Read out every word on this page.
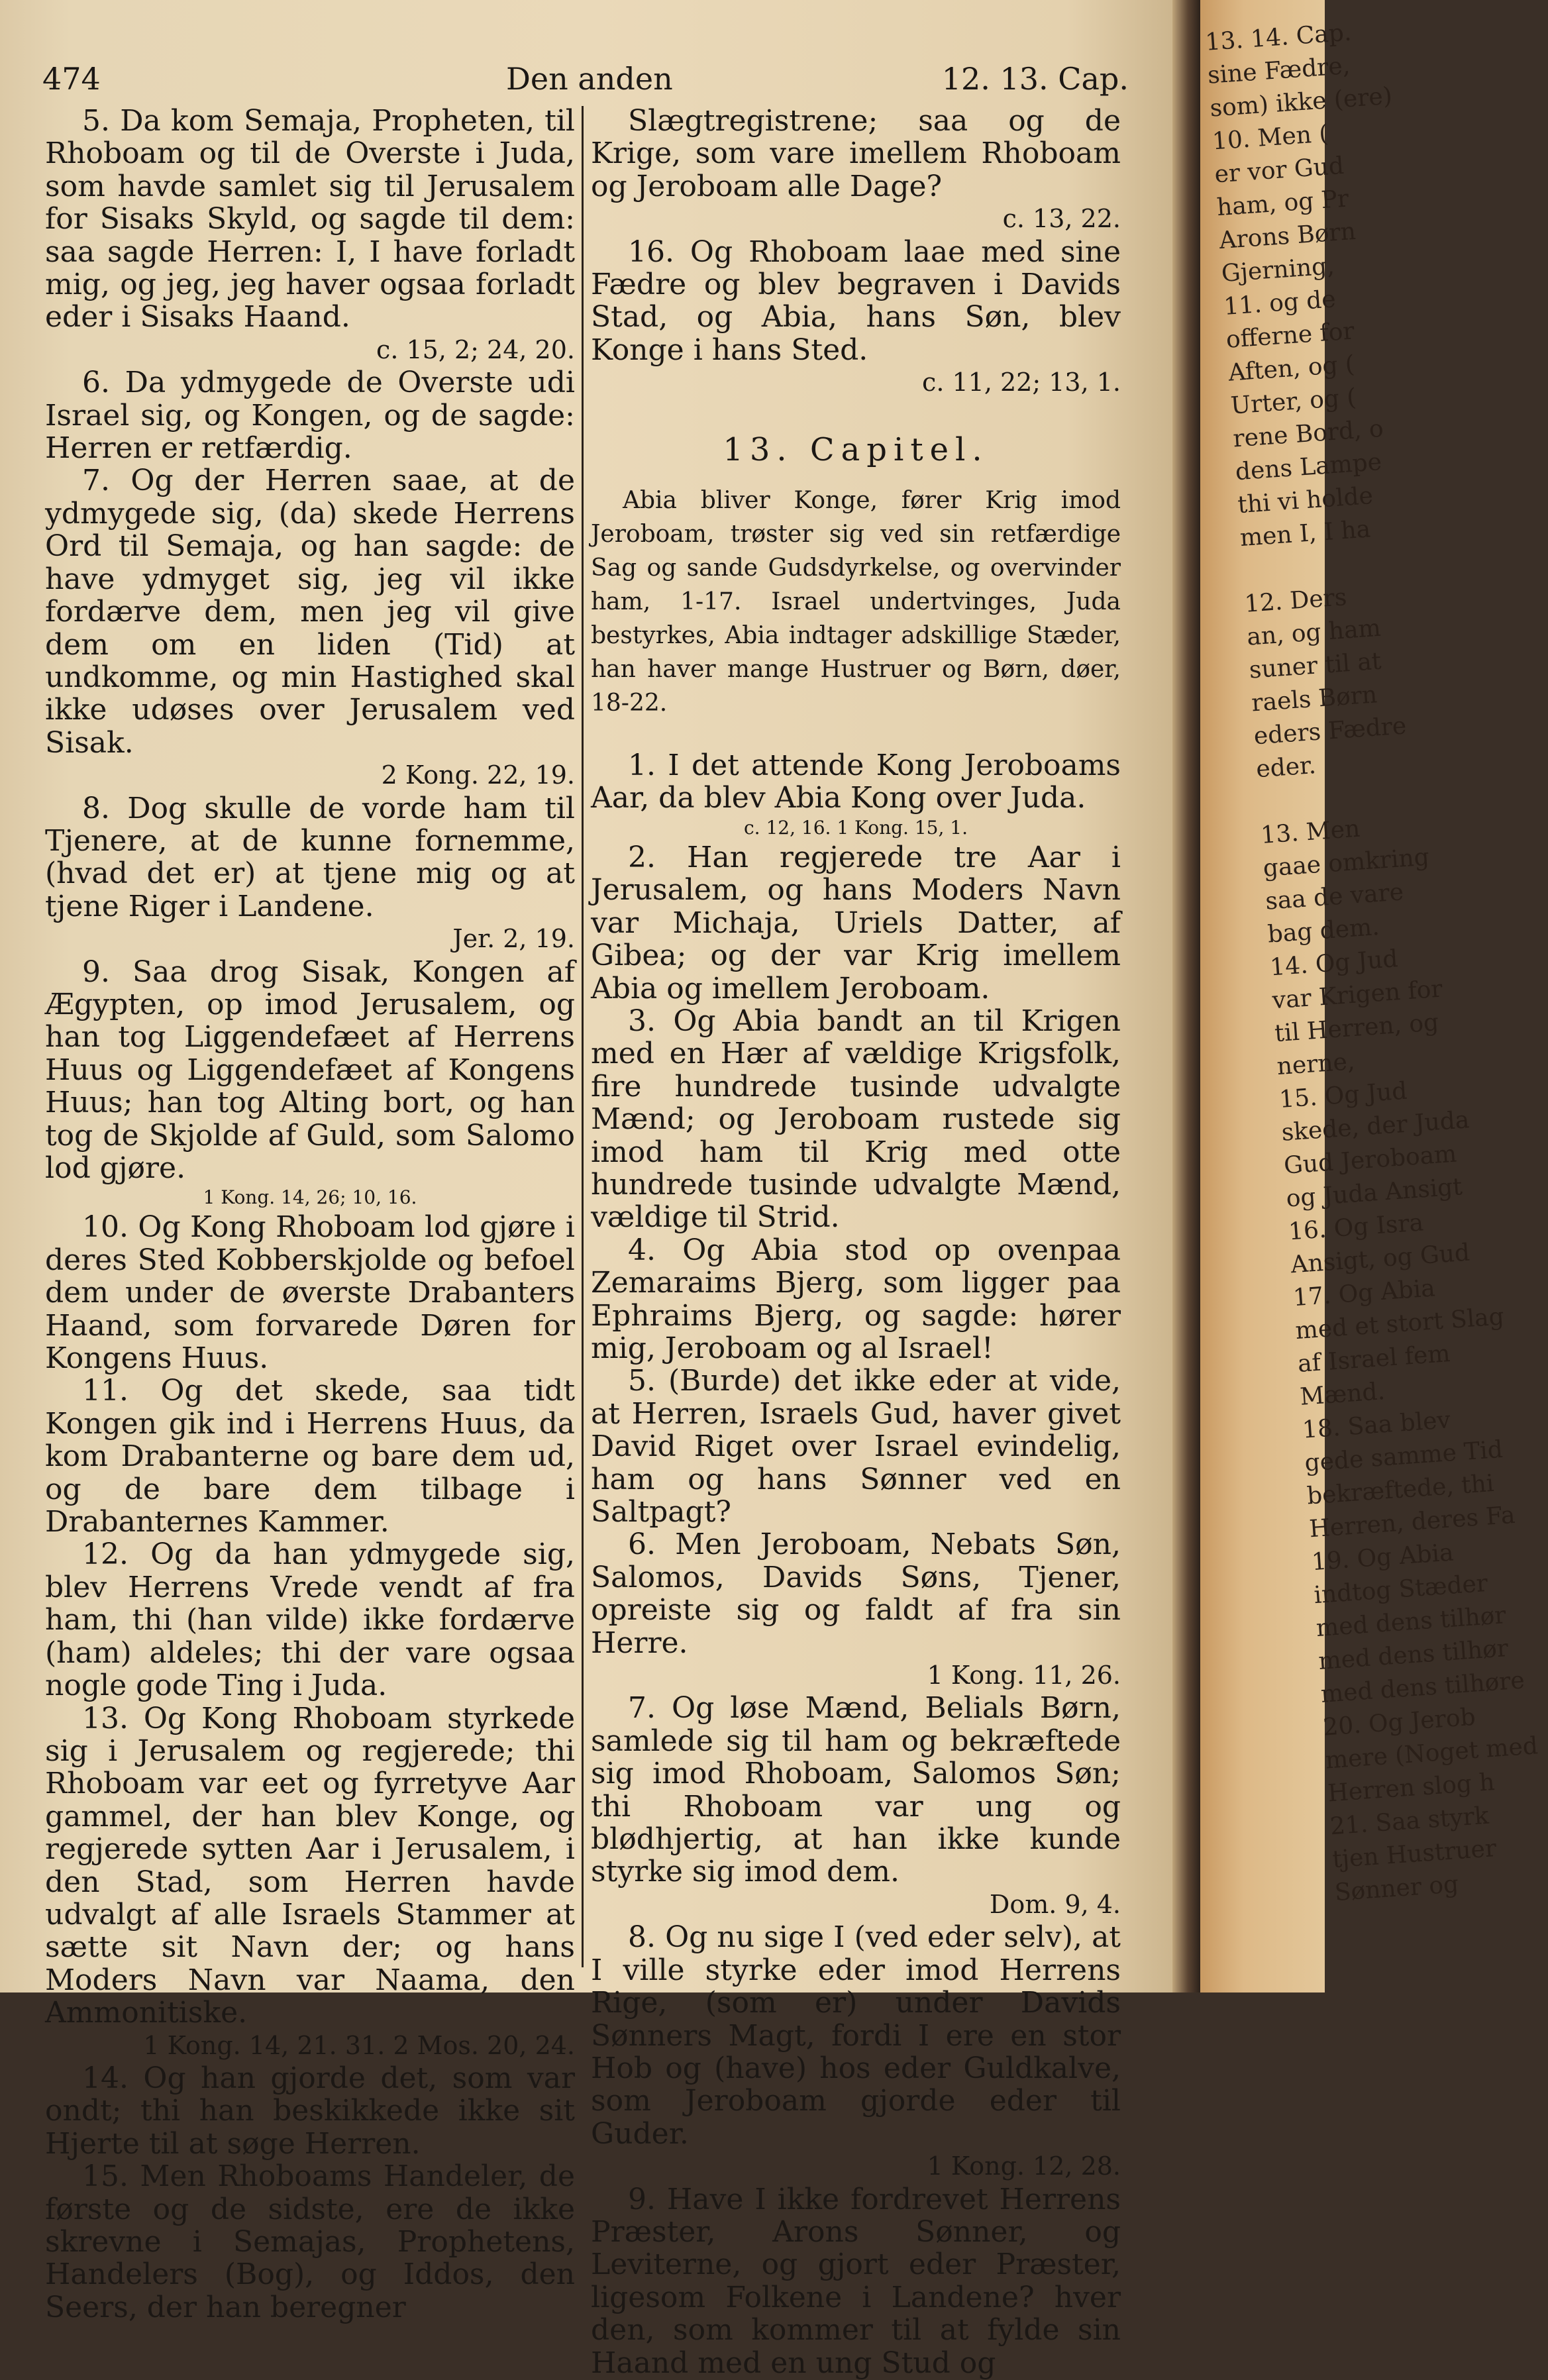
474	Den anden	12. 13. Cap.

5. Da kom Semaja, Propheten, til Rhoboam og til de Overste i Juda, som havde samlet sig til Jerusalem for Sisaks Skyld, og sagde til dem: saa sagde Herren: I, I have forladt mig, og jeg, jeg haver ogsaa forladt eder i Sisaks Haand.

c. 15, 2; 24, 20.

6. Da ydmygede de Overste udi Israel sig, og Kongen, og de sagde: Herren er retfærdig.

7. Og der Herren saae, at de ydmygede sig, (da) skede Herrens Ord til Semaja, og han sagde: de have ydmyget sig, jeg vil ikke fordærve dem, men jeg vil give dem om en liden (Tid) at undkomme, og min Hastighed skal ikke udøses over Jerusalem ved Sisak.

2 Kong. 22, 19.

8. Dog skulle de vorde ham til Tjenere, at de kunne fornemme, (hvad det er) at tjene mig og at tjene Riger i Landene.

Jer. 2, 19.

9. Saa drog Sisak, Kongen af Ægypten, op imod Jerusalem, og han tog Liggendefæet af Herrens Huus og Liggendefæet af Kongens Huus; han tog Alting bort, og han tog de Skjolde af Guld, som Salomo lod gjøre.

1 Kong. 14, 26; 10, 16.

10. Og Kong Rhoboam lod gjøre i deres Sted Kobberskjolde og befoel dem under de øverste Drabanters Haand, som forvarede Døren for Kongens Huus.

11. Og det skede, saa tidt Kongen gik ind i Herrens Huus, da kom Drabanterne og bare dem ud, og de bare dem tilbage i Drabanternes Kammer.

12. Og da han ydmygede sig, blev Herrens Vrede vendt af fra ham, thi (han vilde) ikke fordærve (ham) aldeles; thi der vare ogsaa nogle gode Ting i Juda.

13. Og Kong Rhoboam styrkede sig i Jerusalem og regjerede; thi Rhoboam var eet og fyrretyve Aar gammel, der han blev Konge, og regjerede sytten Aar i Jerusalem, i den Stad, som Herren havde udvalgt af alle Israels Stammer at sætte sit Navn der; og hans Moders Navn var Naama, den Ammonitiske.

1 Kong. 14, 21. 31. 2 Mos. 20, 24.

14. Og han gjorde det, som var ondt; thi han beskikkede ikke sit Hjerte til at søge Herren.

15. Men Rhoboams Handeler, de første og de sidste, ere de ikke skrevne i Semajas, Prophetens, Handelers (Bog), og Iddos, den Seers, der han beregner

Slægtregistrene; saa og de Krige, som vare imellem Rhoboam og Jeroboam alle Dage?

c. 13, 22.

16. Og Rhoboam laae med sine Fædre og blev begraven i Davids Stad, og Abia, hans Søn, blev Konge i hans Sted.

c. 11, 22; 13, 1.

13. Capitel.

Abia bliver Konge, fører Krig imod Jeroboam, trøster sig ved sin retfærdige Sag og sande Gudsdyrkelse, og overvinder ham, 1-17. Israel undertvinges, Juda bestyrkes, Abia indtager adskillige Stæder, han haver mange Hustruer og Børn, døer, 18-22.

1. I det attende Kong Jeroboams Aar, da blev Abia Kong over Juda.

c. 12, 16. 1 Kong. 15, 1.

2. Han regjerede tre Aar i Jerusalem, og hans Moders Navn var Michaja, Uriels Datter, af Gibea; og der var Krig imellem Abia og imellem Jeroboam.

3. Og Abia bandt an til Krigen med en Hær af vældige Krigsfolk, fire hundrede tusinde udvalgte Mænd; og Jeroboam rustede sig imod ham til Krig med otte hundrede tusinde udvalgte Mænd, vældige til Strid.

4. Og Abia stod op ovenpaa Zemaraims Bjerg, som ligger paa Ephraims Bjerg, og sagde: hører mig, Jeroboam og al Israel!

5. (Burde) det ikke eder at vide, at Herren, Israels Gud, haver givet David Riget over Israel evindelig, ham og hans Sønner ved en Saltpagt?

6. Men Jeroboam, Nebats Søn, Salomos, Davids Søns, Tjener, opreiste sig og faldt af fra sin Herre.

1 Kong. 11, 26.

7. Og løse Mænd, Belials Børn, samlede sig til ham og bekræftede sig imod Rhoboam, Salomos Søn; thi Rhoboam var ung og blødhjertig, at han ikke kunde styrke sig imod dem.

Dom. 9, 4.

8. Og nu sige I (ved eder selv), at I ville styrke eder imod Herrens Rige, (som er) under Davids Sønners Magt, fordi I ere en stor Hob og (have) hos eder Guldkalve, som Jeroboam gjorde eder til Guder.

1 Kong. 12, 28.

9. Have I ikke fordrevet Herrens Præster, Arons Sønner, og Leviterne, og gjort eder Præster, ligesom Folkene i Landene? hver den, som kommer til at fylde sin Haand med en ung Stud og

13. 14. Cap.

sine Fædre,

som) ikke (ere)

10. Men (

er vor Gud

ham, og Pr

Arons Børn

Gjerning,

11. og de

offerne for

Aften, og (

Urter, og (

rene Bord, o

dens Lampe

thi vi holde

men I, I ha

12. Ders

an, og ham

suner til at

raels Børn

eders Fædre

eder.

13. Men

gaae omkring

saa de vare

bag dem.

14. Og Jud

var Krigen for

til Herren, og

nerne,

15. Og Jud

skede, der Juda

Gud Jeroboam

og Juda Ansigt

16. Og Isra

Ansigt, og Gud

17. Og Abia

med et stort Slag

af Israel fem

Mænd.

18. Saa blev

gede samme Tid

bekræftede, thi

Herren, deres Fa

19. Og Abia

indtog Stæder

med dens tilhør

med dens tilhør

med dens tilhøre

20. Og Jerob

mere (Noget med

Herren slog h

21. Saa styrk

tjen Hustruer

Sønner og
